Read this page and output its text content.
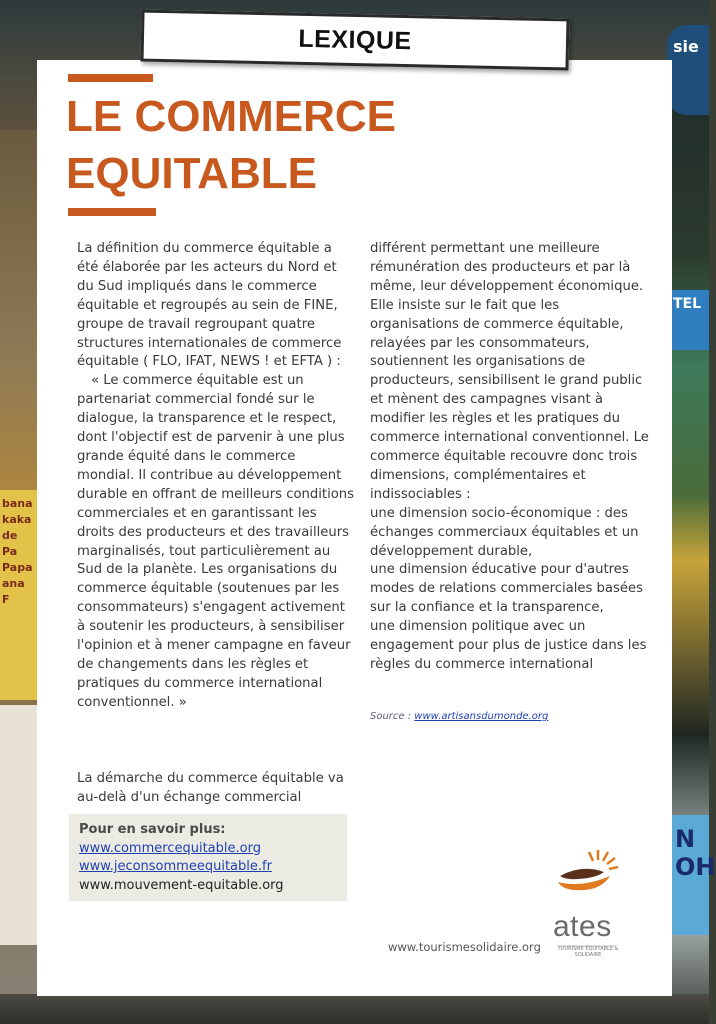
sie
TEL
bana kaka de Pa Papa ana F
N OH
LEXIQUE
LE COMMERCE
EQUITABLE

La définition du commerce équitable a été élaborée par les acteurs du Nord et du Sud impliqués dans le commerce équitable et regroupés au sein de FINE, groupe de travail regroupant quatre structures internationales de commerce équitable ( FLO, IFAT, NEWS ! et EFTA ) :

« Le commerce équitable est un partenariat commercial fondé sur le dialogue, la transparence et le respect, dont l'objectif est de parvenir à une plus grande équité dans le commerce mondial. Il contribue au développement durable en offrant de meilleurs conditions commerciales et en garantissant les droits des producteurs et des travailleurs marginalisés, tout particulièrement au Sud de la planète. Les organisations du commerce équitable (soutenues par les consommateurs) s'engagent activement à soutenir les producteurs, à sensibiliser l'opinion et à mener campagne en faveur de changements dans les règles et pratiques du commerce international conventionnel. »

La démarche du commerce équitable va au-delà d'un échange commercial

différent permettant une meilleure rémunération des producteurs et par là même, leur développement économique. Elle insiste sur le fait que les organisations de commerce équitable, relayées par les consommateurs, soutiennent les organisations de producteurs, sensibilisent le grand public et mènent des campagnes visant à modifier les règles et les pratiques du commerce international conventionnel. Le commerce équitable recouvre donc trois dimensions, complémentaires et indissociables :

une dimension socio-économique : des échanges commerciaux équitables et un développement durable,

une dimension éducative pour d'autres modes de relations commerciales basées sur la confiance et la transparence,

une dimension politique avec un engagement pour plus de justice dans les règles du commerce international

Source : www.artisansdumonde.org
Pour en savoir plus:
www.commercequitable.org
www.jeconsommeequitable.fr
www.mouvement-equitable.org
www.tourismesolidaire.org
ates
TOURISME ÉQUITABLE & SOLIDAIRE
